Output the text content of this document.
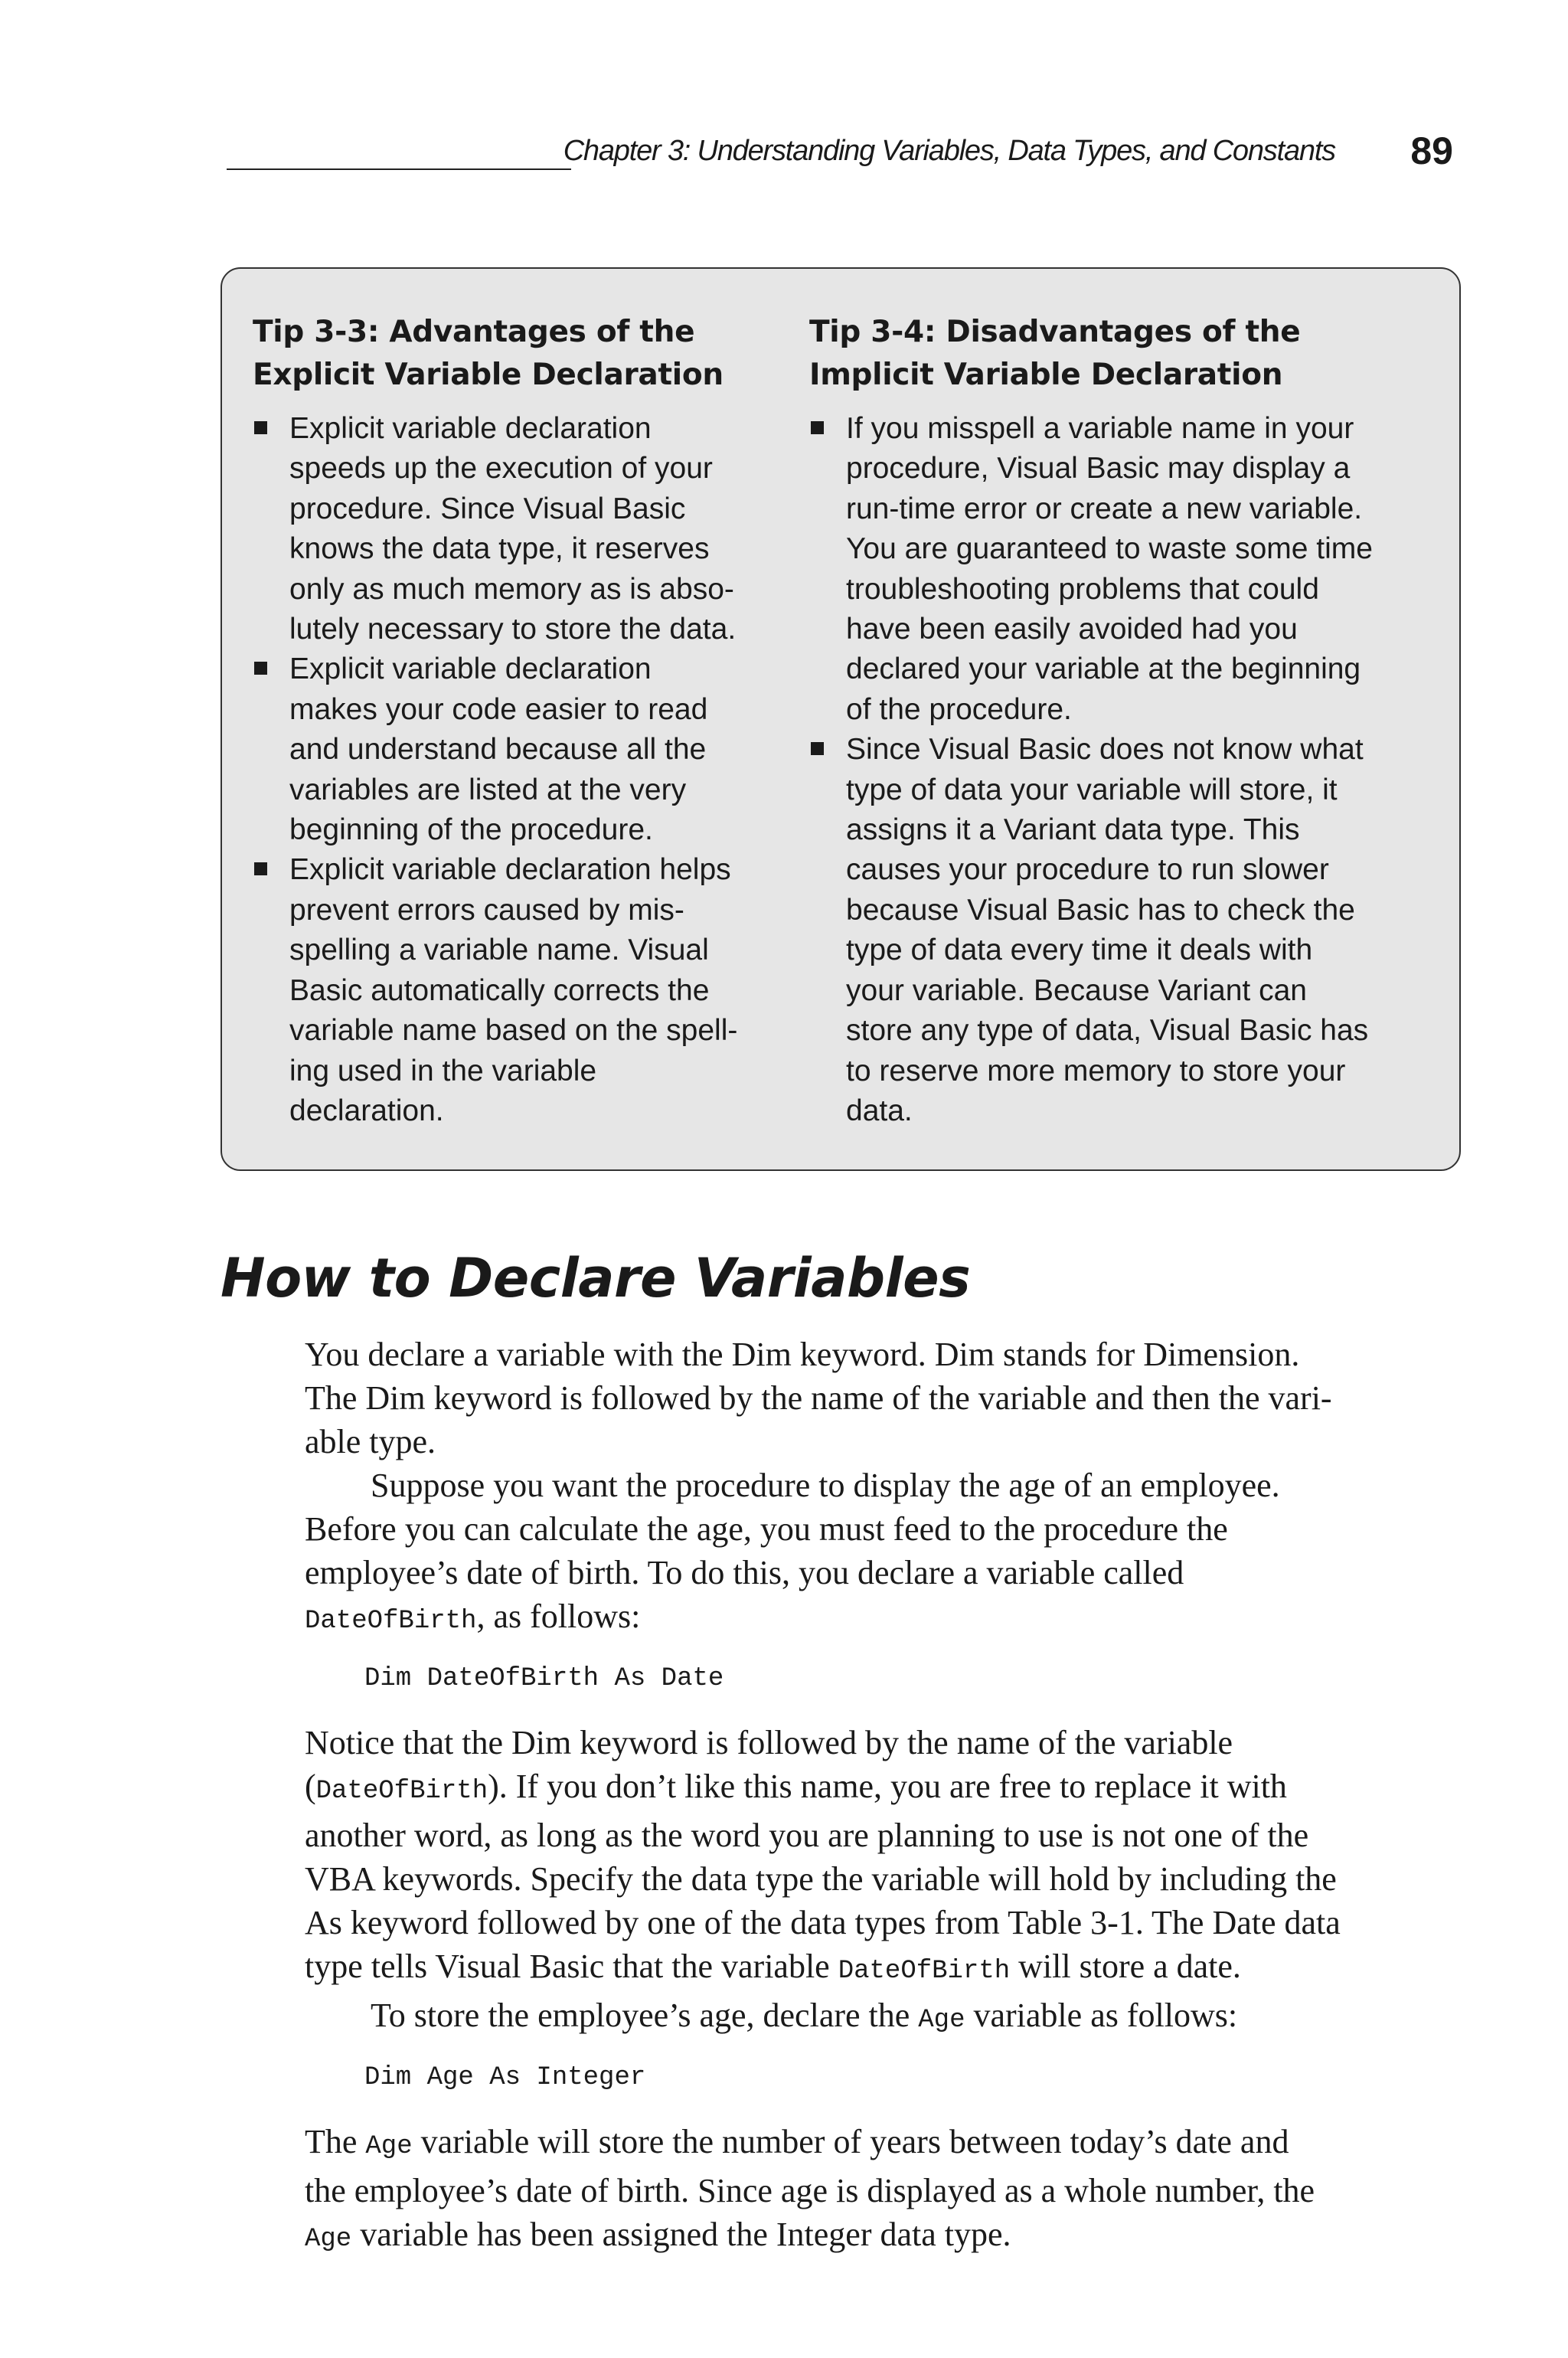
Chapter 3: Understanding Variables, Data Types, and Constants 89

Tip 3-3: Advantages of the
Explicit Variable Declaration
Explicit variable declaration
speeds up the execution of your
procedure. Since Visual Basic
knows the data type, it reserves
only as much memory as is abso-
lutely necessary to store the data.
Explicit variable declaration
makes your code easier to read
and understand because all the
variables are listed at the very
beginning of the procedure.
Explicit variable declaration helps
prevent errors caused by mis-
spelling a variable name. Visual
Basic automatically corrects the
variable name based on the spell-
ing used in the variable
declaration.
Tip 3-4: Disadvantages of the
Implicit Variable Declaration
If you misspell a variable name in your
procedure, Visual Basic may display a
run-time error or create a new variable.
You are guaranteed to waste some time
troubleshooting problems that could
have been easily avoided had you
declared your variable at the beginning
of the procedure.
Since Visual Basic does not know what
type of data your variable will store, it
assigns it a Variant data type. This
causes your procedure to run slower
because Visual Basic has to check the
type of data every time it deals with
your variable. Because Variant can
store any type of data, Visual Basic has
to reserve more memory to store your
data.
How to Declare Variables

You declare a variable with the Dim keyword. Dim stands for Dimension.
The Dim keyword is followed by the name of the variable and then the vari-
able type.

Suppose you want the procedure to display the age of an employee.
Before you can calculate the age, you must feed to the procedure the
employee’s date of birth. To do this, you declare a variable called
DateOfBirth, as follows:

Dim DateOfBirth As Date

Notice that the Dim keyword is followed by the name of the variable
(DateOfBirth). If you don’t like this name, you are free to replace it with
another word, as long as the word you are planning to use is not one of the
VBA keywords. Specify the data type the variable will hold by including the
As keyword followed by one of the data types from Table 3-1. The Date data
type tells Visual Basic that the variable DateOfBirth will store a date.

To store the employee’s age, declare the Age variable as follows:

Dim Age As Integer

The Age variable will store the number of years between today’s date and
the employee’s date of birth. Since age is displayed as a whole number, the
Age variable has been assigned the Integer data type.
